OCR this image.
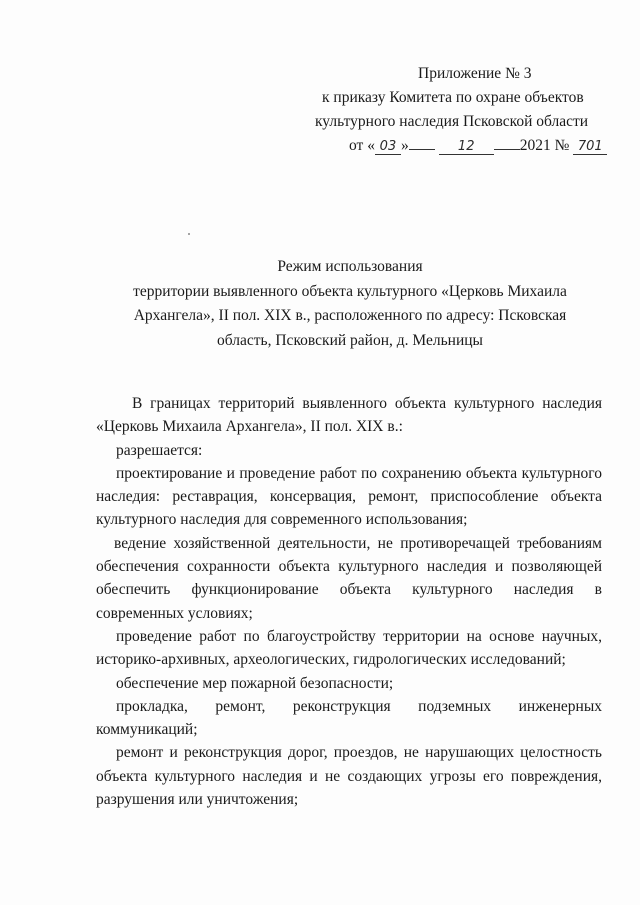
Приложение № 3
к приказу Комитета по охране объектов
культурного наследия Псковской области
от « 03 »	12	2021 № 701
Режим использования
территории выявленного объекта культурного «Церковь Михаила
Архангела», II пол. XIX в., расположенного по адресу: Псковская
область, Псковский район, д. Мельницы
В границах территорий выявленного объекта культурного наследия «Церковь Михаила Архангела», II пол. XIX в.:
разрешается:
проектирование и проведение работ по сохранению объекта культурного наследия: реставрация, консервация, ремонт, приспособление объекта культурного наследия для современного использования;
ведение хозяйственной деятельности, не противоречащей требованиям обеспечения сохранности объекта культурного наследия и позволяющей обеспечить функционирование объекта культурного наследия в современных условиях;
проведение работ по благоустройству территории на основе научных, историко-архивных, археологических, гидрологических исследований;
обеспечение мер пожарной безопасности;
прокладка, ремонт, реконструкция подземных инженерных коммуникаций;
ремонт и реконструкция дорог, проездов, не нарушающих целостность объекта культурного наследия и не создающих угрозы его повреждения, разрушения или уничтожения;
